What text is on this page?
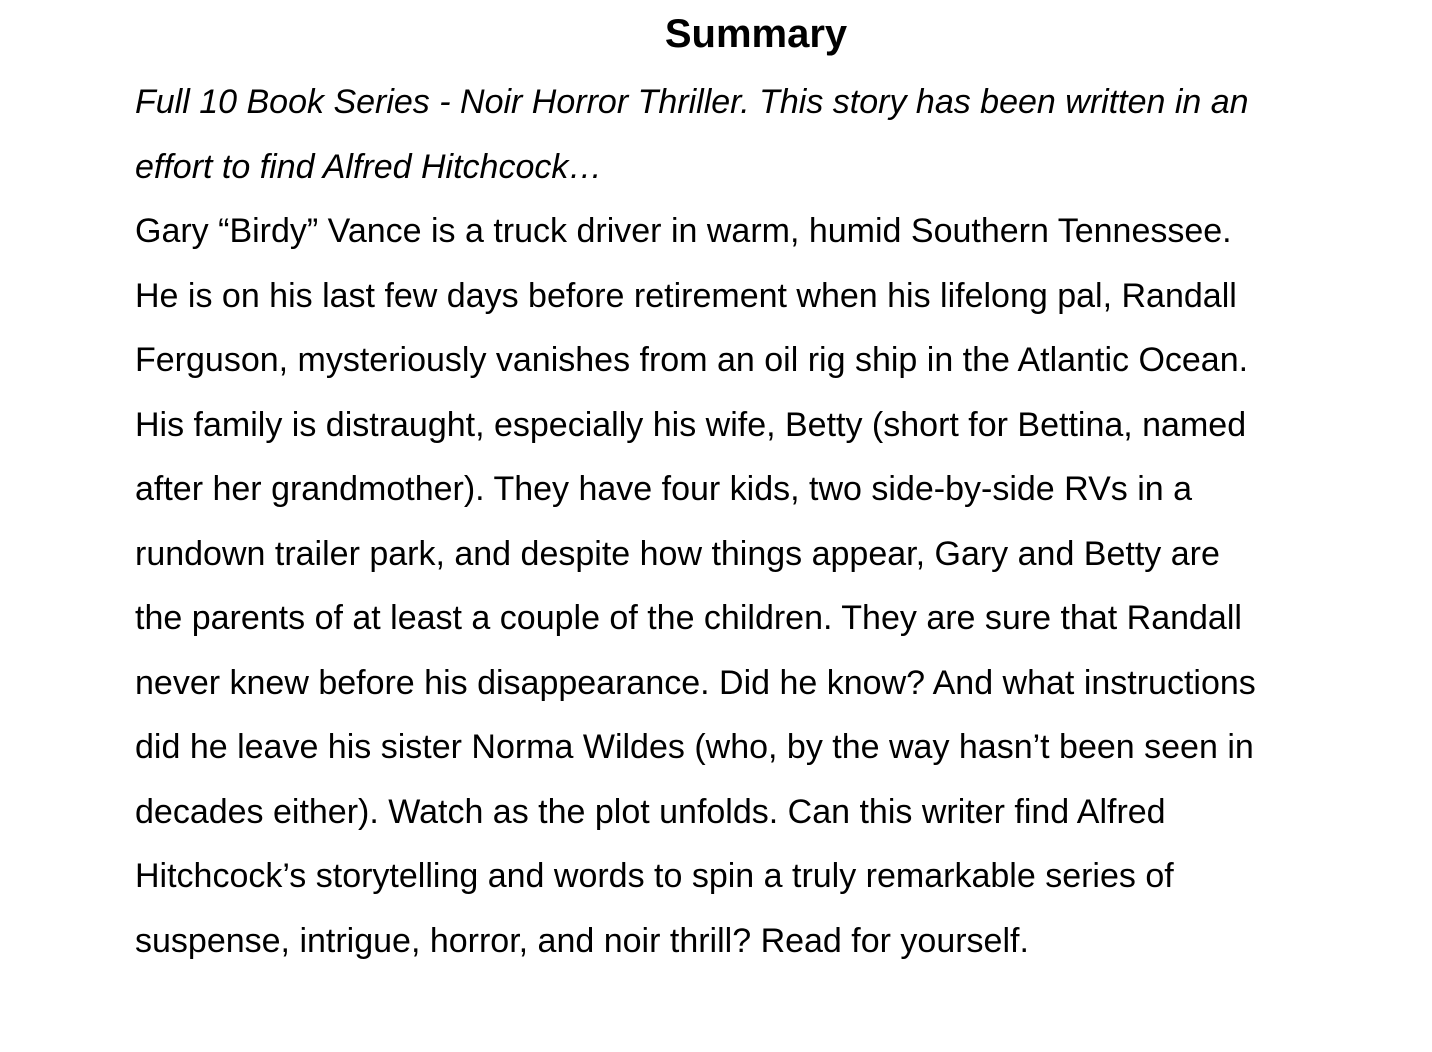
Summary

Full 10 Book Series - Noir Horror Thriller. This story has been written in an
effort to find Alfred Hitchcock…

Gary “Birdy” Vance is a truck driver in warm, humid Southern Tennessee.
He is on his last few days before retirement when his lifelong pal, Randall
Ferguson, mysteriously vanishes from an oil rig ship in the Atlantic Ocean.
His family is distraught, especially his wife, Betty (short for Bettina, named
after her grandmother). They have four kids, two side-by-side RVs in a
rundown trailer park, and despite how things appear, Gary and Betty are
the parents of at least a couple of the children. They are sure that Randall
never knew before his disappearance. Did he know? And what instructions
did he leave his sister Norma Wildes (who, by the way hasn’t been seen in
decades either). Watch as the plot unfolds. Can this writer find Alfred
Hitchcock’s storytelling and words to spin a truly remarkable series of
suspense, intrigue, horror, and noir thrill? Read for yourself.
